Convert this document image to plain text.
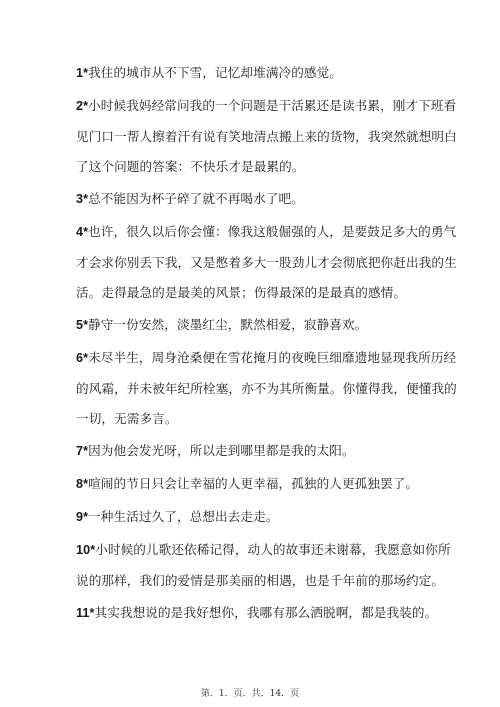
1*我住的城市从不下雪，记忆却堆满冷的感觉。
2*小时候我妈经常问我的一个问题是干活累还是读书累，刚才下班看
见门口一帮人擦着汗有说有笑地清点搬上来的货物，我突然就想明白
了这个问题的答案：不快乐才是最累的。
3*总不能因为杯子碎了就不再喝水了吧。
4*也许，很久以后你会懂：像我这般倔强的人，是要鼓足多大的勇气
才会求你别丢下我，又是憋着多大一股劲儿才会彻底把你赶出我的生
活。走得最急的是最美的风景；伤得最深的是最真的感情。
5*静守一份安然，淡墨红尘，默然相爱，寂静喜欢。
6*未尽半生，周身沧桑便在雪花掩月的夜晚巨细靡遗地显现我所历经
的风霜，并未被年纪所栓塞，亦不为其所衡量。你懂得我，便懂我的
一切，无需多言。
7*因为他会发光呀，所以走到哪里都是我的太阳。
8*喧闹的节日只会让幸福的人更幸福，孤独的人更孤独罢了。
9*一种生活过久了，总想出去走走。
10*小时候的儿歌还依稀记得，动人的故事还未谢幕，我愿意如你所
说的那样，我们的爱情是那美丽的相遇，也是千年前的那场约定。
11*其实我想说的是我好想你，我哪有那么洒脱啊，都是我装的。
第．1．页．共．14．页
